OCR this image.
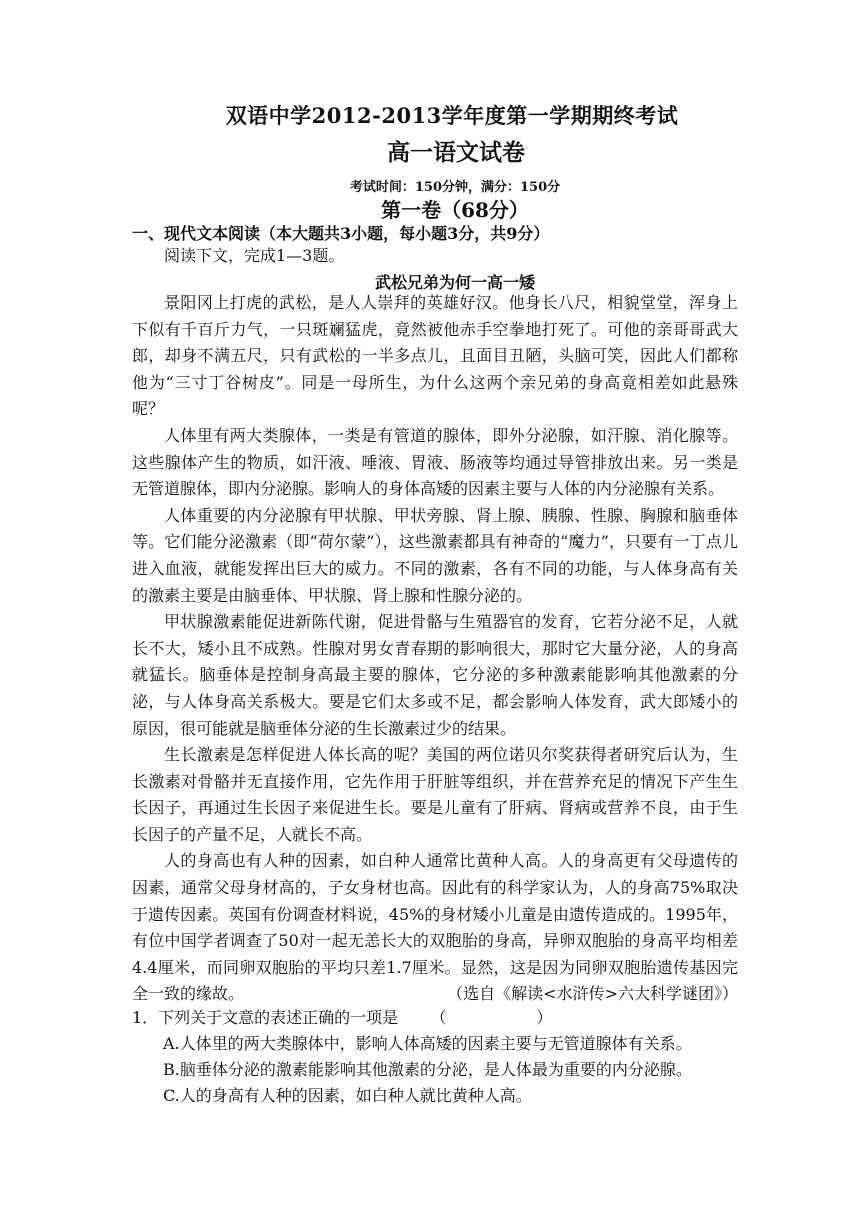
双语中学2012-2013学年度第一学期期终考试
高一语文试卷
考试时间：150分钟，满分：150分
第一卷（68分）
一、现代文本阅读（本大题共3小题，每小题3分，共9分）
阅读下文，完成1—3题。
武松兄弟为何一高一矮

景阳冈上打虎的武松，是人人崇拜的英雄好汉。他身长八尺，相貌堂堂，浑身上下似有千百斤力气，一只斑斓猛虎，竟然被他赤手空拳地打死了。可他的亲哥哥武大郎，却身不满五尺，只有武松的一半多点儿，且面目丑陋，头脑可笑，因此人们都称他为“三寸丁谷树皮”。同是一母所生，为什么这两个亲兄弟的身高竟相差如此悬殊呢？

人体里有两大类腺体，一类是有管道的腺体，即外分泌腺，如汗腺、消化腺等。这些腺体产生的物质，如汗液、唾液、胃液、肠液等均通过导管排放出来。另一类是无管道腺体，即内分泌腺。影响人的身体高矮的因素主要与人体的内分泌腺有关系。

人体重要的内分泌腺有甲状腺、甲状旁腺、肾上腺、胰腺、性腺、胸腺和脑垂体等。它们能分泌激素（即“荷尔蒙”），这些激素都具有神奇的“魔力”，只要有一丁点儿进入血液，就能发挥出巨大的威力。不同的激素，各有不同的功能，与人体身高有关的激素主要是由脑垂体、甲状腺、肾上腺和性腺分泌的。

甲状腺激素能促进新陈代谢，促进骨骼与生殖器官的发育，它若分泌不足，人就长不大，矮小且不成熟。性腺对男女青春期的影响很大，那时它大量分泌，人的身高就猛长。脑垂体是控制身高最主要的腺体，它分泌的多种激素能影响其他激素的分泌，与人体身高关系极大。要是它们太多或不足，都会影响人体发育，武大郎矮小的原因，很可能就是脑垂体分泌的生长激素过少的结果。

生长激素是怎样促进人体长高的呢？美国的两位诺贝尔奖获得者研究后认为，生长激素对骨骼并无直接作用，它先作用于肝脏等组织，并在营养充足的情况下产生生长因子，再通过生长因子来促进生长。要是儿童有了肝病、肾病或营养不良，由于生长因子的产量不足，人就长不高。

人的身高也有人种的因素，如白种人通常比黄种人高。人的身高更有父母遗传的因素，通常父母身材高的，子女身材也高。因此有的科学家认为，人的身高75%取决于遗传因素。英国有份调查材料说，45%的身材矮小儿童是由遗传造成的。1995年，有位中国学者调查了50对一起无恙长大的双胞胎的身高，异卵双胞胎的身高平均相差4.4厘米，而同卵双胞胎的平均只差1.7厘米。显然，这是因为同卵双胞胎遗传基因完全一致的缘故。	（选自《解读<水浒传>六大科学谜团》）
1．下列关于文意的表述正确的一项是 （	）
A.人体里的两大类腺体中，影响人体高矮的因素主要与无管道腺体有关系。
B.脑垂体分泌的激素能影响其他激素的分泌，是人体最为重要的内分泌腺。
C.人的身高有人种的因素，如白种人就比黄种人高。
